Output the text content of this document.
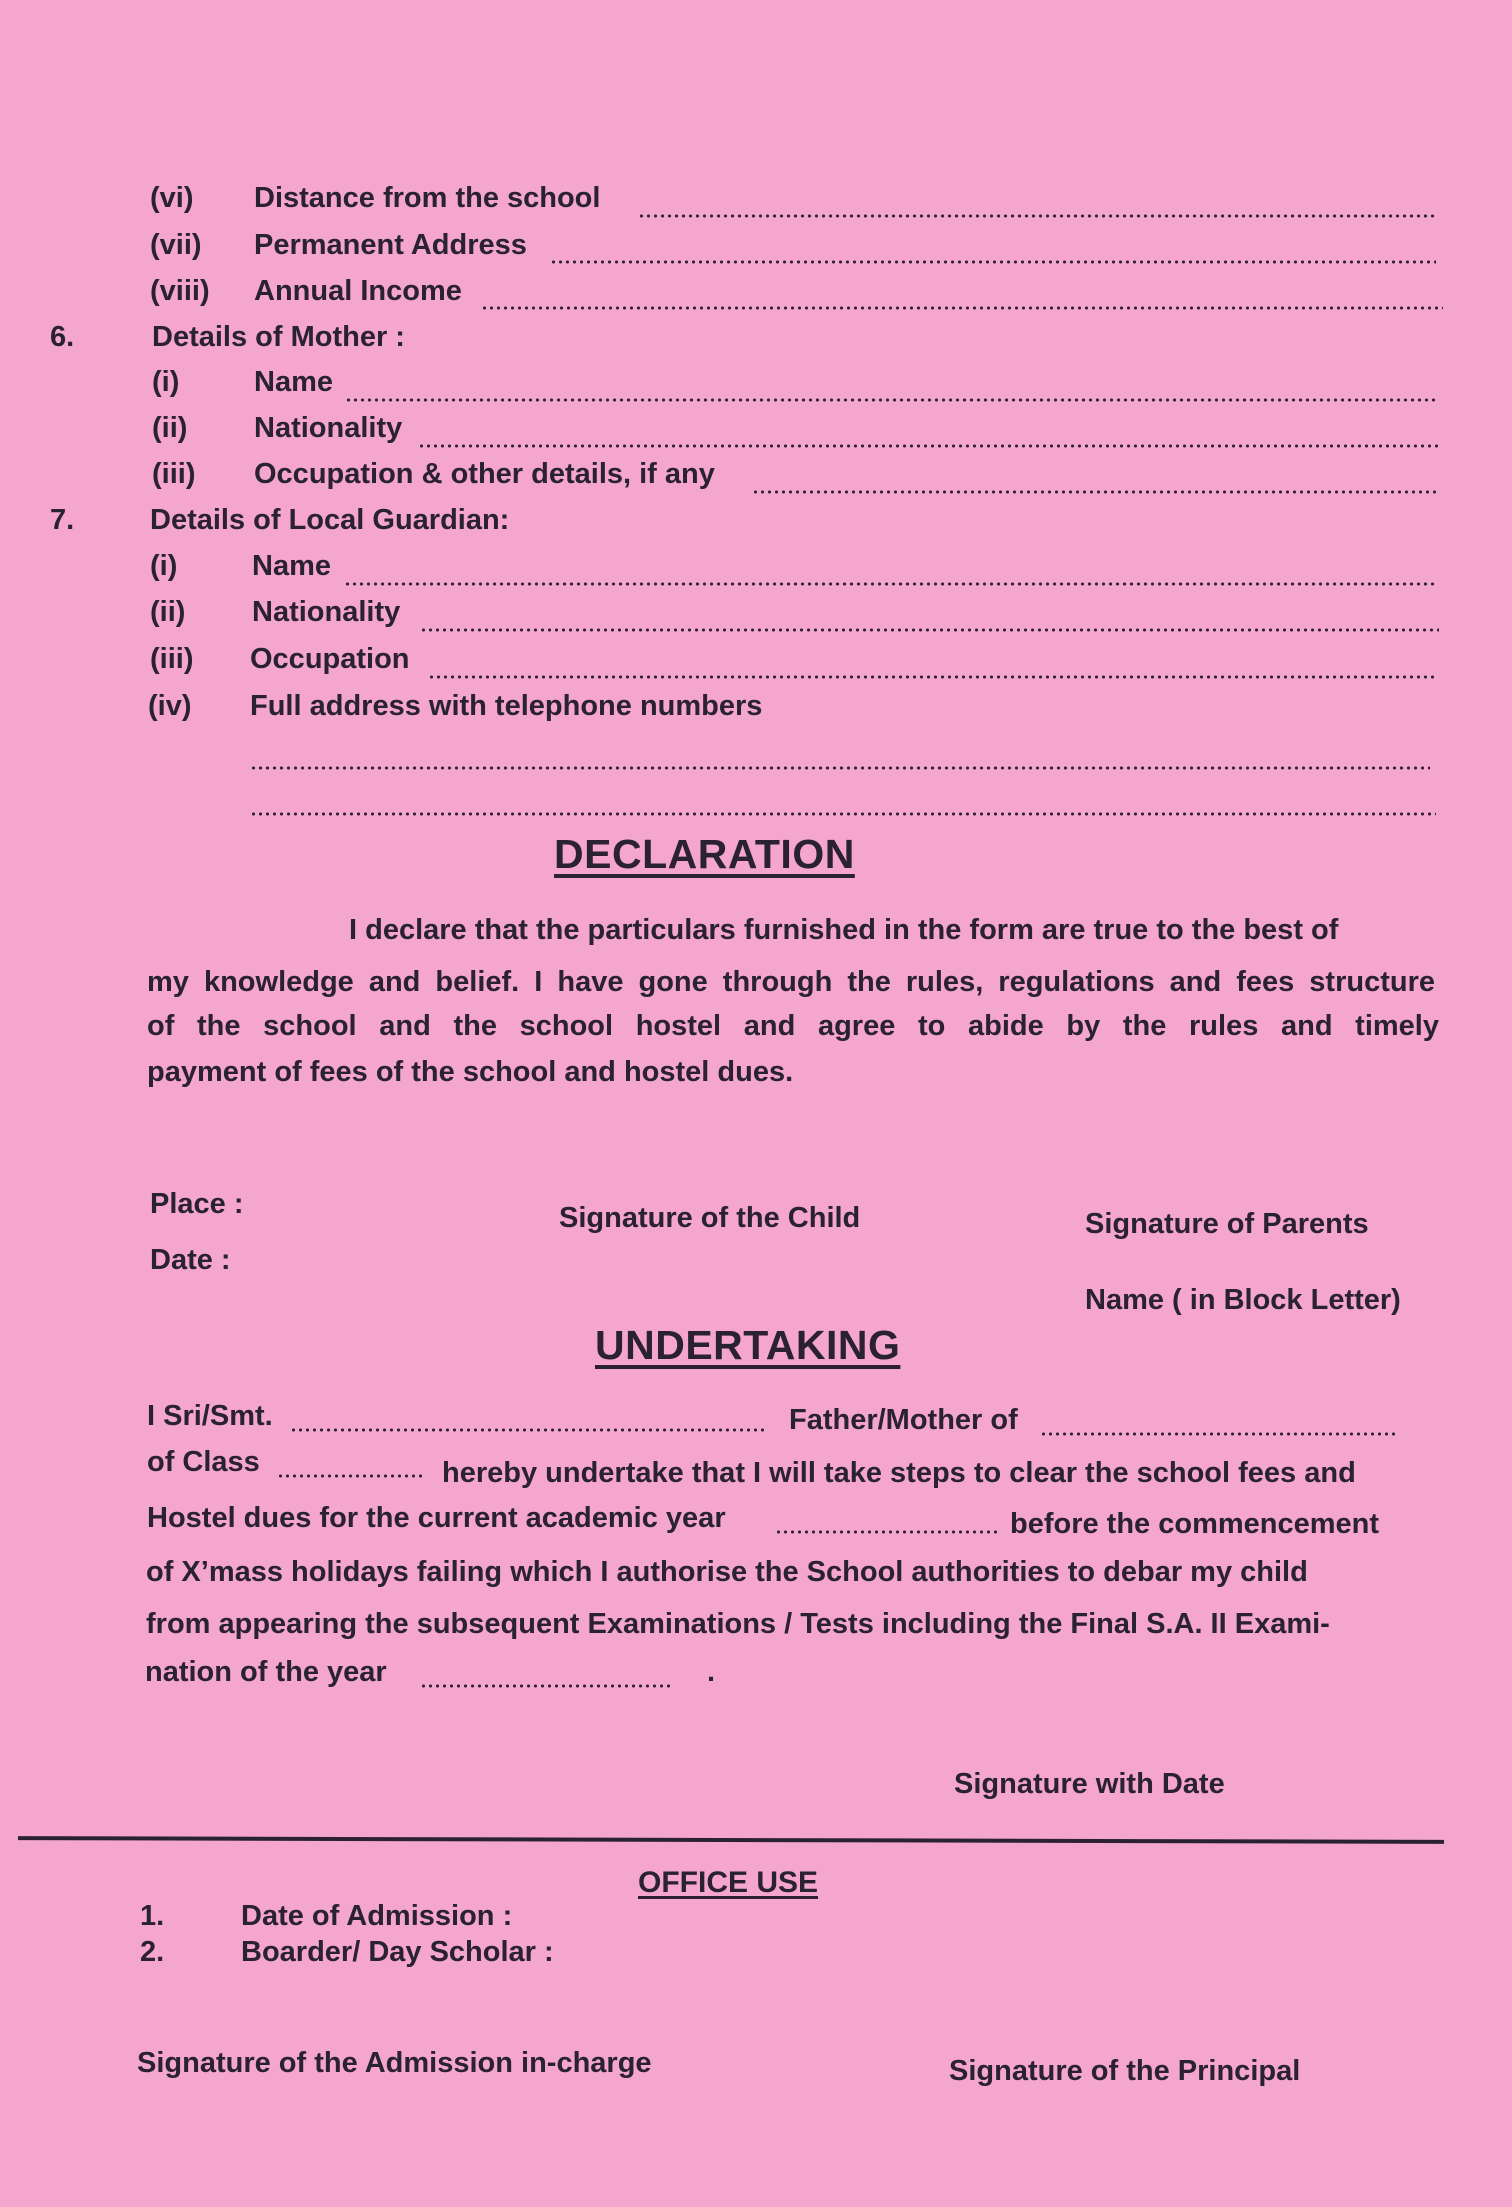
(vi) Distance from the school
(vii) Permanent Address
(viii) Annual Income
6.	Details of Mother :
(i)	Name
(ii) Nationality
(iii) Occupation & other details, if any
7.	Details of Local Guardian:
(i)	Name
(ii) Nationality
(iii) Occupation
(iv) Full address with telephone numbers
DECLARATION
I declare that the particulars furnished in the form are true to the best of
my knowledge and belief. I have gone through the rules, regulations and fees structure
of the school and the school hostel and agree to abide by the rules and timely
payment of fees of the school and hostel dues.
Place :
Date :
Signature of the Child	Signature of Parents
Name ( in Block Letter)
UNDERTAKING
I Sri/Smt.	Father/Mother of
of Class	hereby undertake that I will take steps to clear the school fees and
Hostel dues for the current academic year	before the commencement
of X’mass holidays failing which I authorise the School authorities to debar my child
from appearing the subsequent Examinations / Tests including the Final S.A. II Exami-
nation of the year	.
Signature with Date
OFFICE USE
1.	Date of Admission :
2.	Boarder/ Day Scholar :
Signature of the Admission in-charge	Signature of the Principal
